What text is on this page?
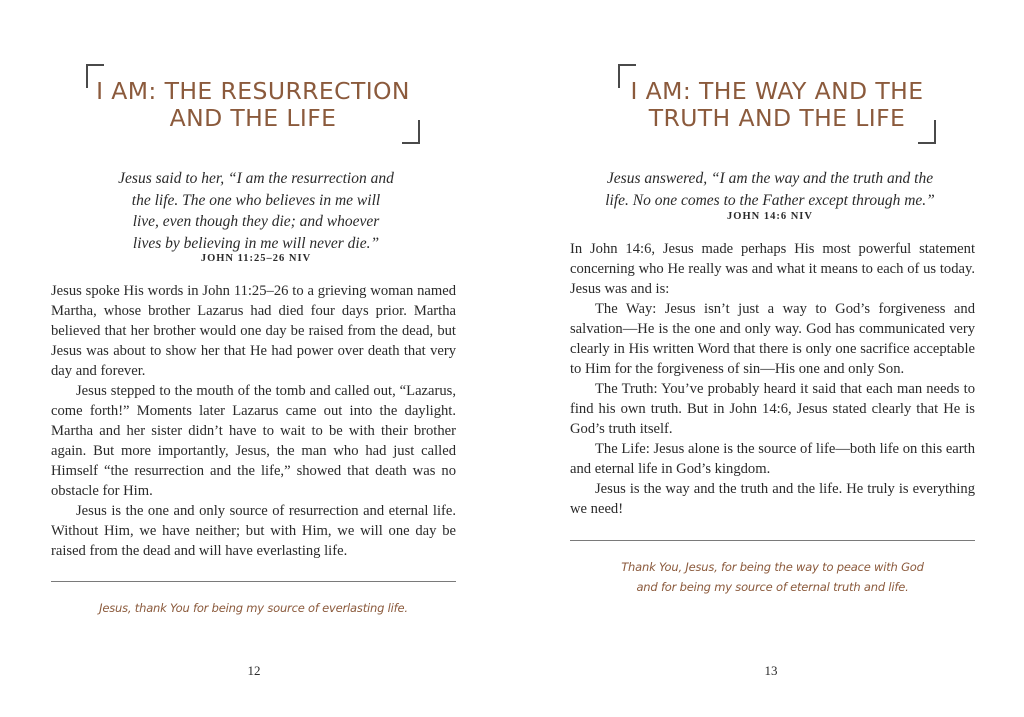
I AM: THE RESURRECTION
AND THE LIFE
Jesus said to her, “I am the resurrection and
the life. The one who believes in me will
live, even though they die; and whoever
lives by believing in me will never die.”
JOHN 11:25–26 NIV

Jesus spoke His words in John 11:25–26 to a grieving woman named Martha, whose brother Lazarus had died four days prior. Martha believed that her brother would one day be raised from the dead, but Jesus was about to show her that He had power over death that very day and forever.

Jesus stepped to the mouth of the tomb and called out, “Lazarus, come forth!” Moments later Lazarus came out into the daylight. Martha and her sister didn’t have to wait to be with their brother again. But more importantly, Jesus, the man who had just called Himself “the resurrection and the life,” showed that death was no obstacle for Him.

Jesus is the one and only source of resurrection and eternal life. Without Him, we have neither; but with Him, we will one day be raised from the dead and will have everlasting life.

Jesus, thank You for being my source of everlasting life.
12
I AM: THE WAY AND THE
TRUTH AND THE LIFE
Jesus answered, “I am the way and the truth and the
life. No one comes to the Father except through me.”
JOHN 14:6 NIV

In John 14:6, Jesus made perhaps His most powerful statement concerning who He really was and what it means to each of us today. Jesus was and is:

The Way: Jesus isn’t just a way to God’s forgiveness and salvation—He is the one and only way. God has communicated very clearly in His written Word that there is only one sacrifice acceptable to Him for the forgiveness of sin—His one and only Son.

The Truth: You’ve probably heard it said that each man needs to find his own truth. But in John 14:6, Jesus stated clearly that He is God’s truth itself.

The Life: Jesus alone is the source of life—both life on this earth and eternal life in God’s kingdom.

Jesus is the way and the truth and the life. He truly is everything we need!

Thank You, Jesus, for being the way to peace with God
and for being my source of eternal truth and life.
13
